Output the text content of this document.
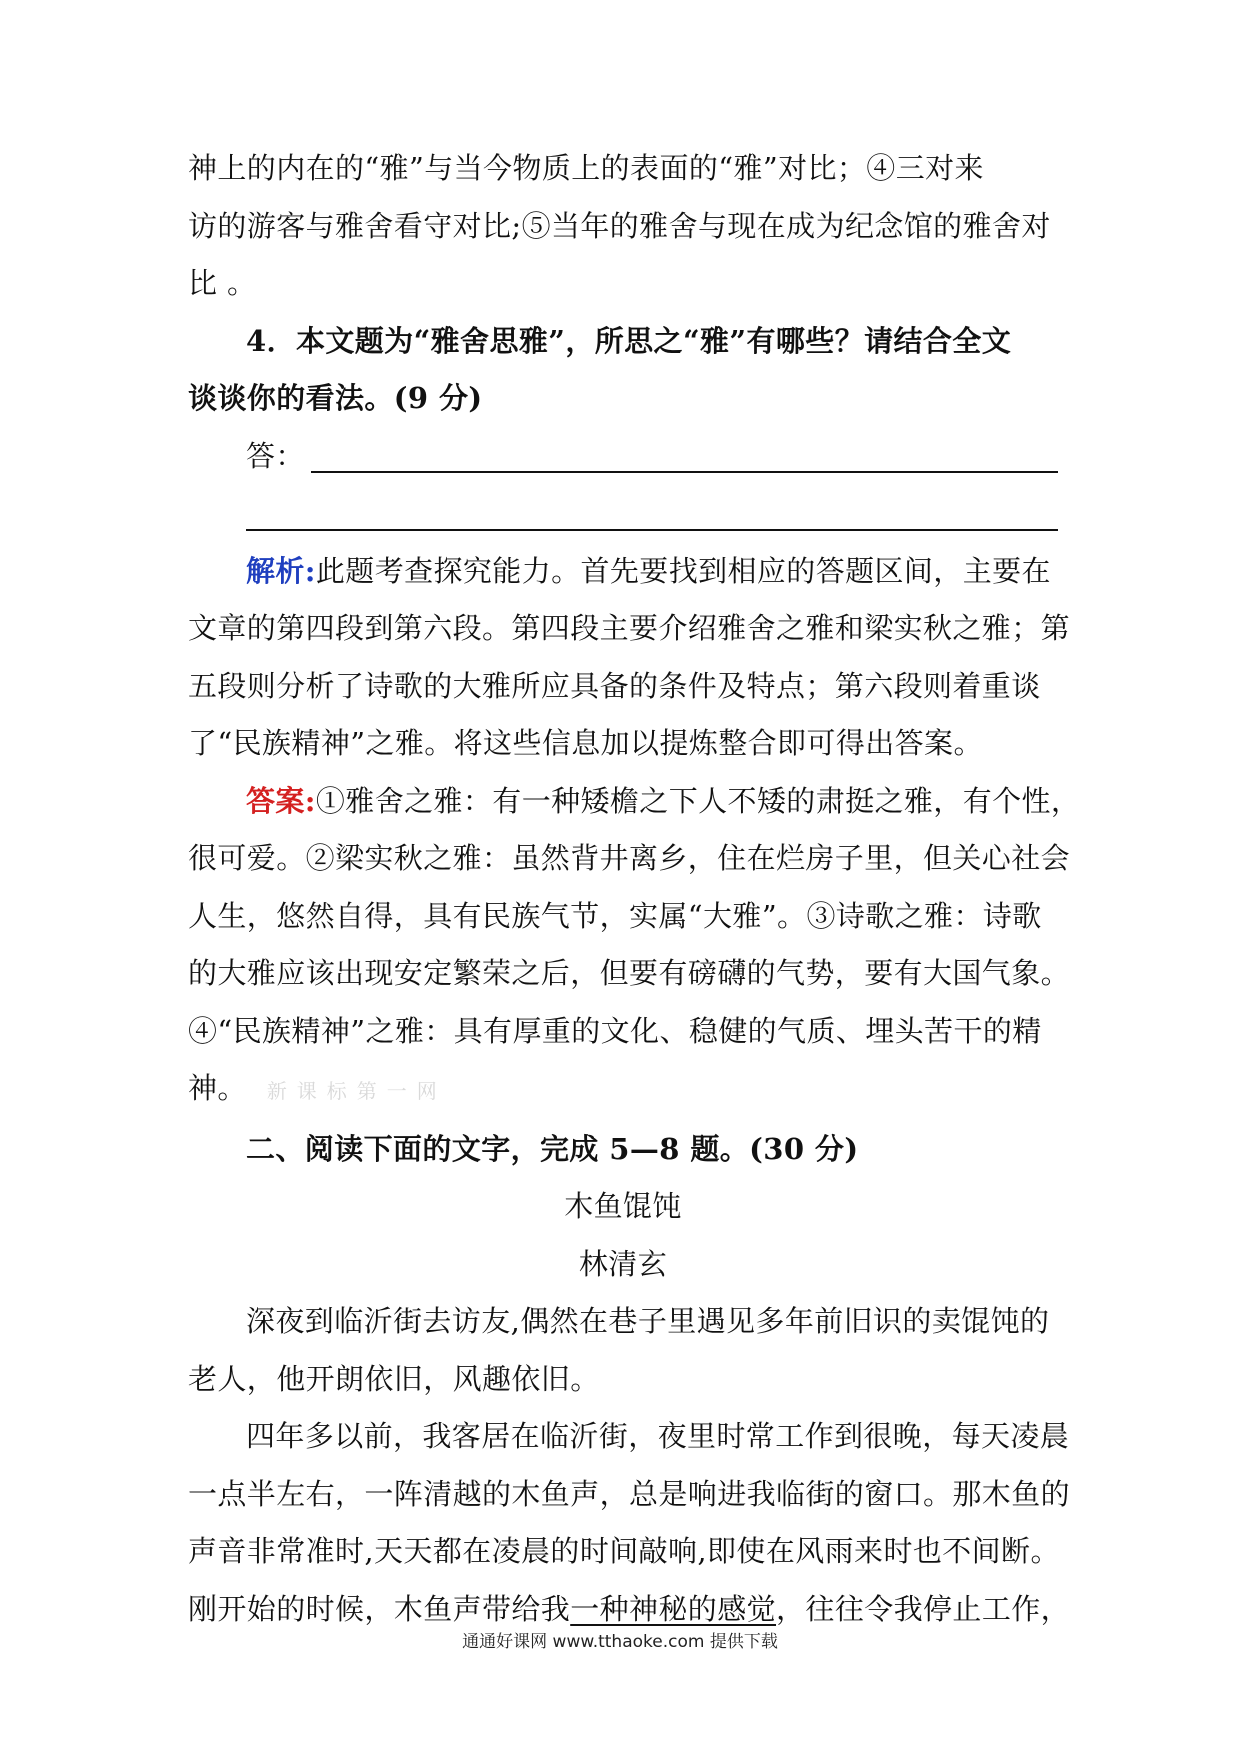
神上的内在的“雅”与当今物质上的表面的“雅”对比；④三对来
访的游客与雅舍看守对比;⑤当年的雅舍与现在成为纪念馆的雅舍对
比 。
4．本文题为“雅舍思雅”，所思之“雅”有哪些？请结合全文
谈谈你的看法。(9 分)
答：
解析:此题考查探究能力。首先要找到相应的答题区间，主要在
文章的第四段到第六段。第四段主要介绍雅舍之雅和梁实秋之雅；第
五段则分析了诗歌的大雅所应具备的条件及特点；第六段则着重谈
了“民族精神”之雅。将这些信息加以提炼整合即可得出答案。
答案:①雅舍之雅：有一种矮檐之下人不矮的肃挺之雅，有个性，
很可爱。②梁实秋之雅：虽然背井离乡，住在烂房子里，但关心社会
人生，悠然自得，具有民族气节，实属“大雅”。③诗歌之雅：诗歌
的大雅应该出现安定繁荣之后，但要有磅礴的气势，要有大国气象。
④“民族精神”之雅：具有厚重的文化、稳健的气质、埋头苦干的精
神。 新课标第一网
二、阅读下面的文字，完成 5—8 题。(30 分)
木鱼馄饨
林清玄
深夜到临沂街去访友,偶然在巷子里遇见多年前旧识的卖馄饨的
老人，他开朗依旧，风趣依旧。
四年多以前，我客居在临沂街，夜里时常工作到很晚，每天凌晨
一点半左右，一阵清越的木鱼声，总是响进我临街的窗口。那木鱼的
声音非常准时,天天都在凌晨的时间敲响,即使在风雨来时也不间断。
刚开始的时候，木鱼声带给我一种神秘的感觉，往往令我停止工作，
通通好课网 www.tthaoke.com 提供下载
